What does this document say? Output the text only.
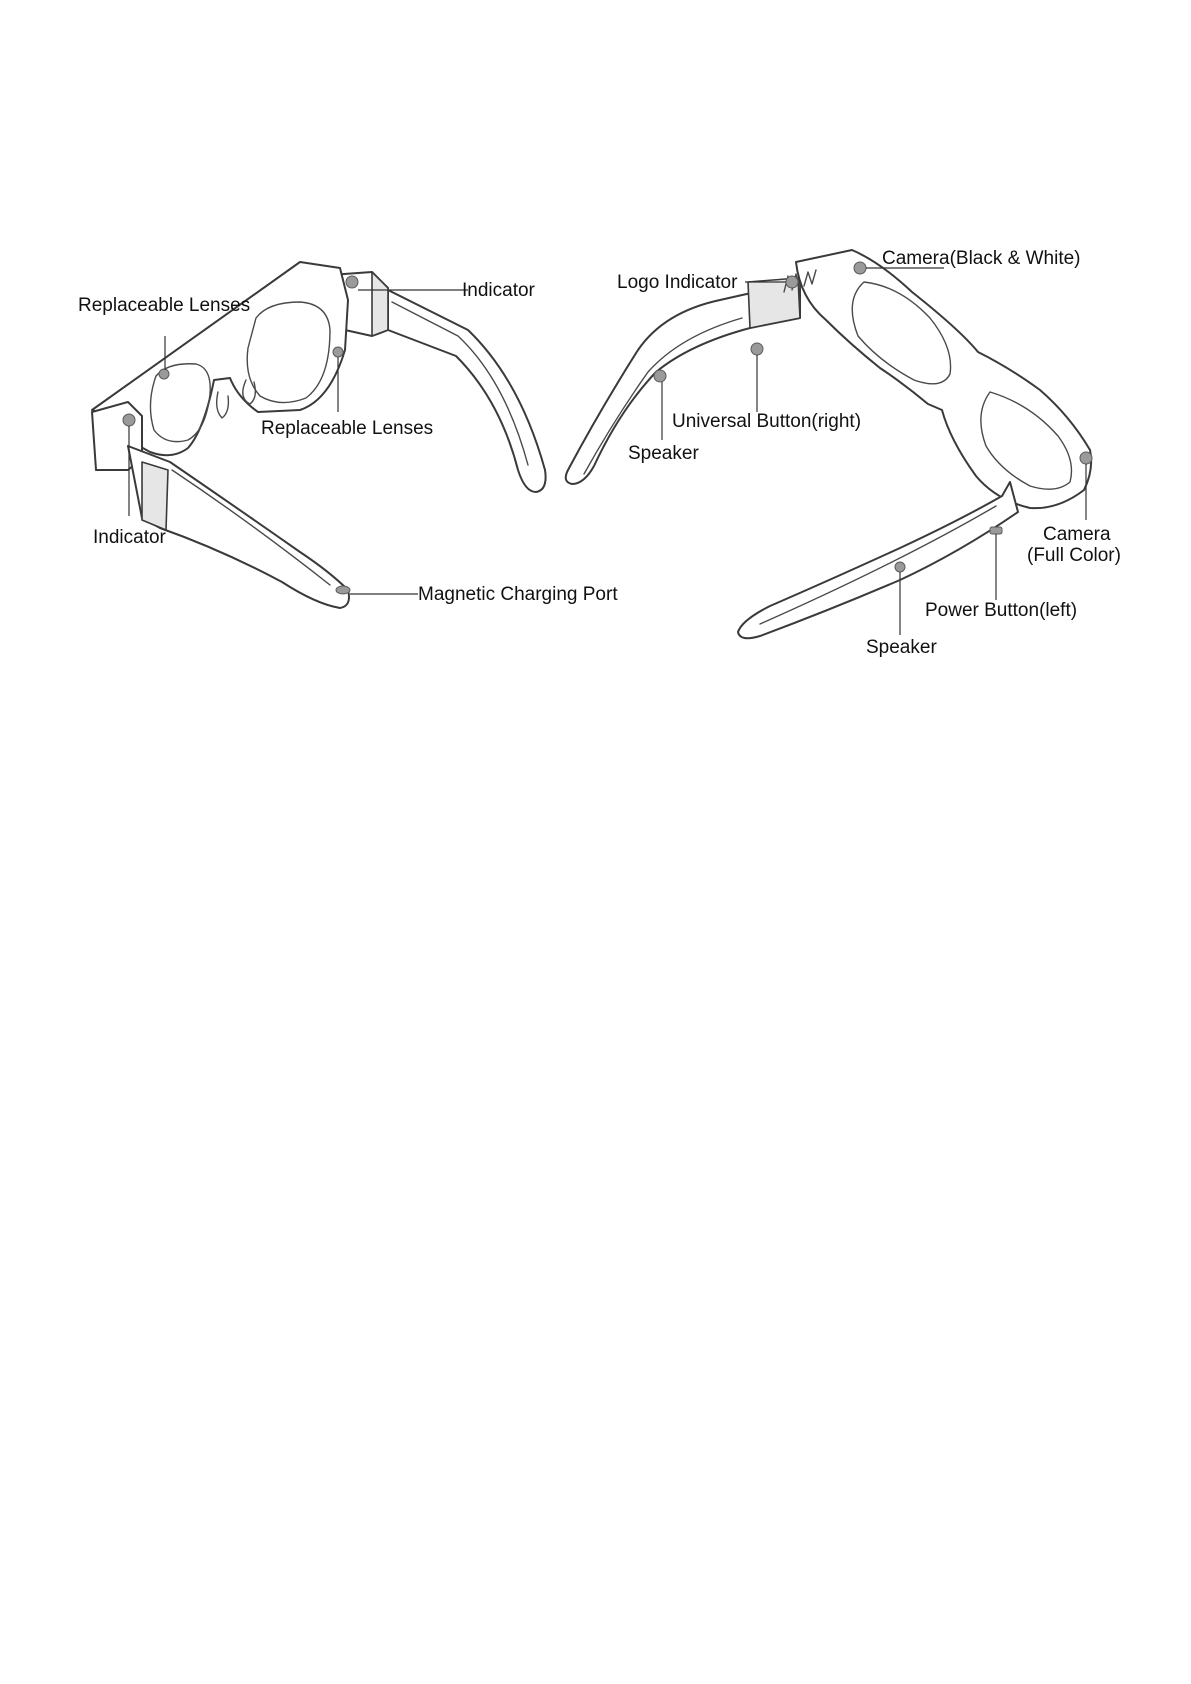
Replaceable Lenses
Indicator
Replaceable Lenses
Indicator
Magnetic Charging Port
Logo Indicator
Camera(Black & White)
Universal Button(right)
Speaker
Camera
(Full Color)
Power Button(left)
Speaker
